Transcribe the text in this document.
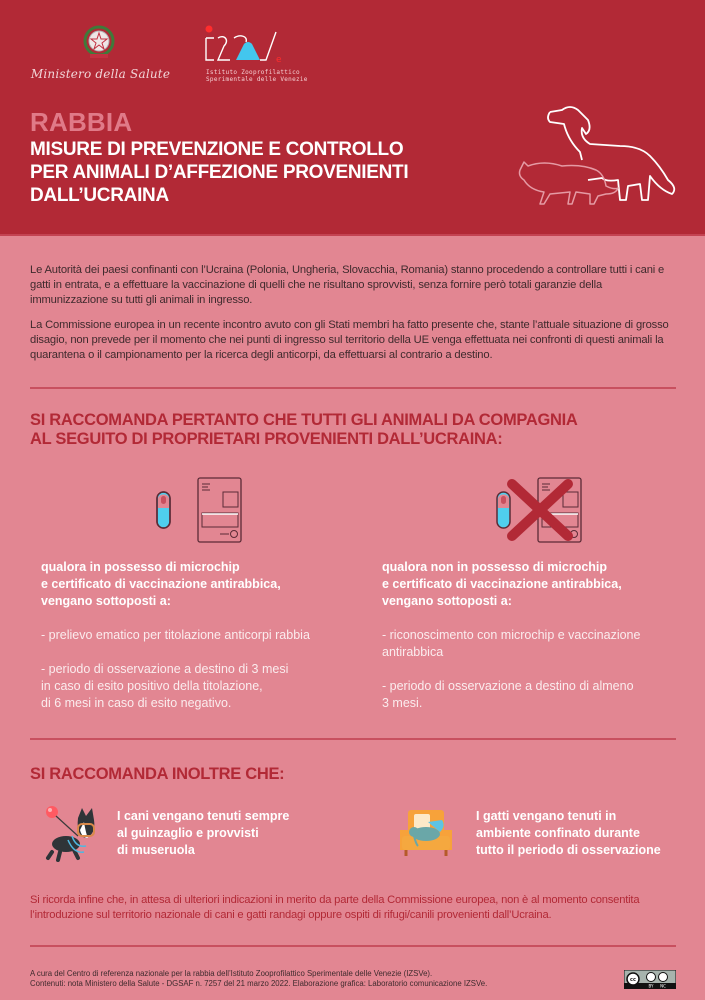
Ministero della Salute
e
Istituto Zooprofilattico
Sperimentale delle Venezie
RABBIA
MISURE DI PREVENZIONE E CONTROLLO
PER ANIMALI D’AFFEZIONE PROVENIENTI
DALL’UCRAINA
Le Autorità dei paesi confinanti con l’Ucraina (Polonia, Ungheria, Slovacchia, Romania) stanno procedendo a controllare tutti i cani e gatti in entrata, e a effettuare la vaccinazione di quelli che ne risultano sprovvisti, senza fornire però totali garanzie della immunizzazione su tutti gli animali in ingresso.
La Commissione europea in un recente incontro avuto con gli Stati membri ha fatto presente che, stante l’attuale situazione di grosso disagio, non prevede per il momento che nei punti di ingresso sul territorio della UE venga effettuata nei confronti di questi animali la quarantena o il campionamento per la ricerca degli anticorpi, da effettuarsi al contrario a destino.
SI RACCOMANDA PERTANTO CHE TUTTI GLI ANIMALI DA COMPAGNIA
AL SEGUITO DI PROPRIETARI PROVENIENTI DALL’UCRAINA:
qualora in possesso di microchip
e certificato di vaccinazione antirabbica,
vengano sottoposti a:
- prelievo ematico per titolazione anticorpi rabbia
- periodo di osservazione a destino di 3 mesi
in caso di esito positivo della titolazione,
di 6 mesi in caso di esito negativo.
qualora non in possesso di microchip
e certificato di vaccinazione antirabbica,
vengano sottoposti a:
- riconoscimento con microchip e vaccinazione
antirabbica
- periodo di osservazione a destino di almeno
3 mesi.
SI RACCOMANDA INOLTRE CHE:
I cani vengano tenuti sempre
al guinzaglio e provvisti
di museruola
I gatti vengano tenuti in
ambiente confinato durante
tutto il periodo di osservazione
Si ricorda infine che, in attesa di ulteriori indicazioni in merito da parte della Commissione europea, non è al momento consentita l’introduzione sul territorio nazionale di cani e gatti randagi oppure ospiti di rifugi/canili provenienti dall’Ucraina.
A cura del Centro di referenza nazionale per la rabbia dell’Istituto Zooprofilattico Sperimentale delle Venezie (IZSVe).
Contenuti: nota Ministero della Salute - DGSAF n. 7257 del 21 marzo 2022. Elaborazione grafica: Laboratorio comunicazione IZSVe.	cc
BY NC
